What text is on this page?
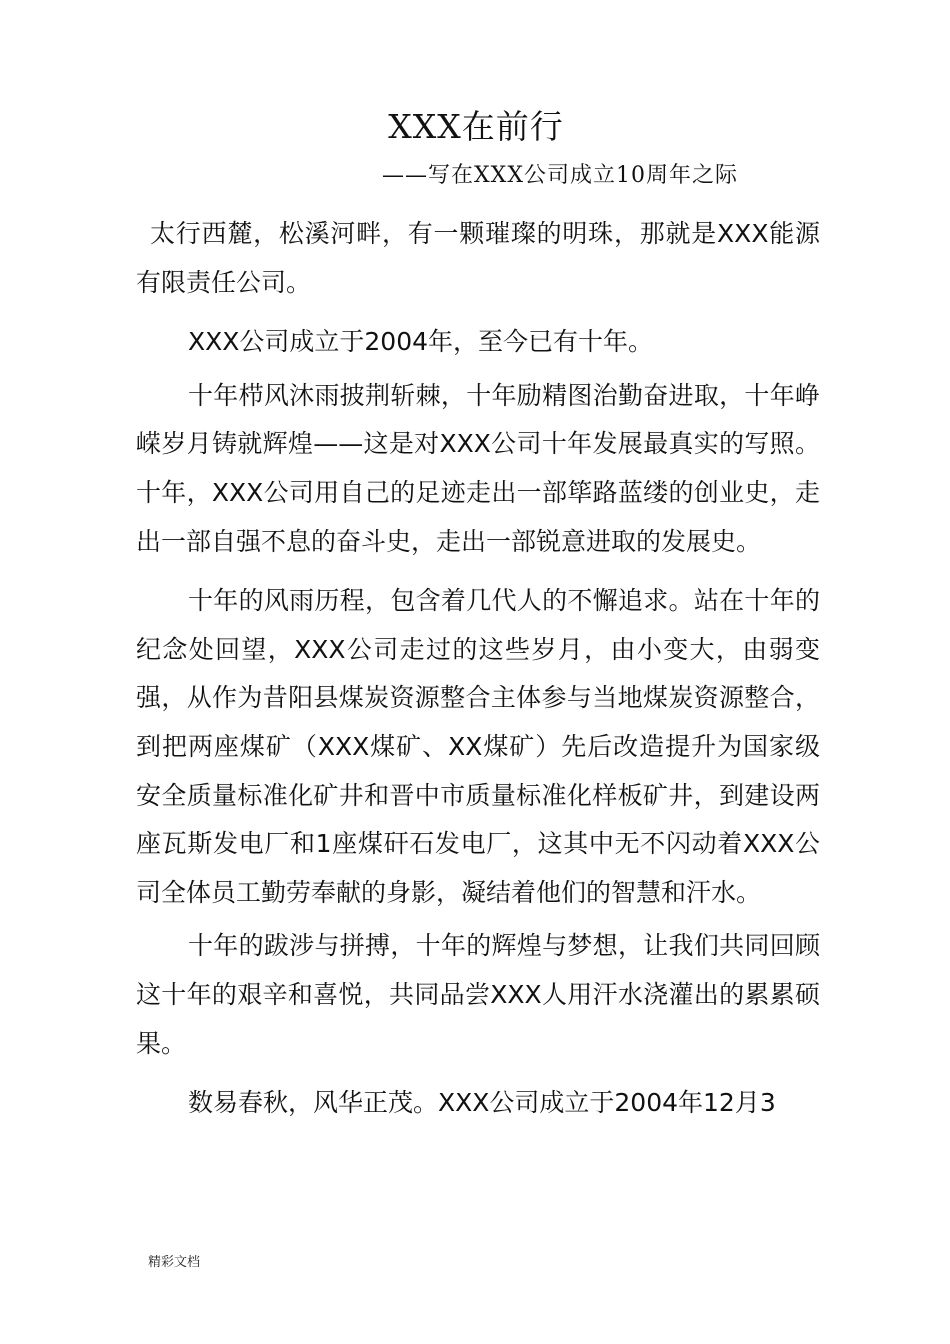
XXX在前行
——写在XXX公司成立10周年之际

太行西麓，松溪河畔，有一颗璀璨的明珠，那就是XXX能源有限责任公司。

XXX公司成立于2004年，至今已有十年。

十年栉风沐雨披荆斩棘，十年励精图治勤奋进取，十年峥嵘岁月铸就辉煌——这是对XXX公司十年发展最真实的写照。十年，XXX公司用自己的足迹走出一部筚路蓝缕的创业史，走出一部自强不息的奋斗史，走出一部锐意进取的发展史。

十年的风雨历程，包含着几代人的不懈追求。站在十年的纪念处回望，XXX公司走过的这些岁月，由小变大，由弱变强，从作为昔阳县煤炭资源整合主体参与当地煤炭资源整合，到把两座煤矿（XXX煤矿、XX煤矿）先后改造提升为国家级安全质量标准化矿井和晋中市质量标准化样板矿井，到建设两座瓦斯发电厂和1座煤矸石发电厂，这其中无不闪动着XXX公司全体员工勤劳奉献的身影，凝结着他们的智慧和汗水。

十年的跋涉与拼搏，十年的辉煌与梦想，让我们共同回顾这十年的艰辛和喜悦，共同品尝XXX人用汗水浇灌出的累累硕果。

数易春秋，风华正茂。XXX公司成立于2004年12月3

精彩文档
